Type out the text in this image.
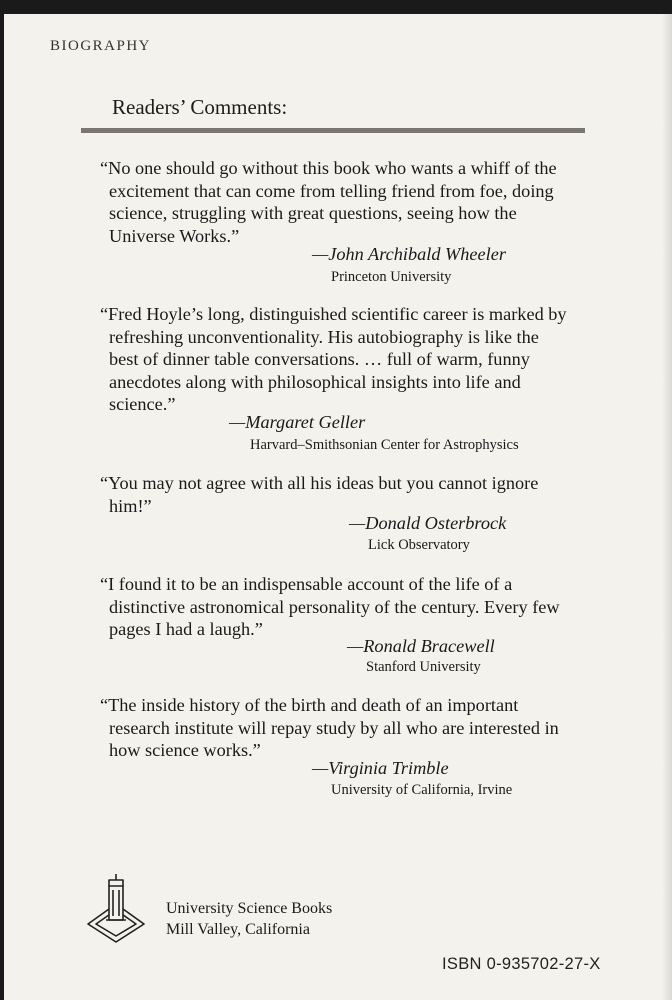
BIOGRAPHY
Readers’ Comments:
“No one should go without this book who wants a whiff of the excitement that can come from telling friend from foe, doing science, struggling with great questions, seeing how the Universe Works.”
—John Archibald Wheeler
Princeton University
“Fred Hoyle’s long, distinguished scientific career is marked by refreshing unconventionality. His autobiography is like the best of dinner table conversations. … full of warm, funny anecdotes along with philosophical insights into life and science.”
—Margaret Geller
Harvard–Smithsonian Center for Astrophysics
“You may not agree with all his ideas but you cannot ignore him!”
—Donald Osterbrock
Lick Observatory
“I found it to be an indispensable account of the life of a distinctive astronomical personality of the century. Every few pages I had a laugh.”
—Ronald Bracewell
Stanford University
“The inside history of the birth and death of an important research institute will repay study by all who are interested in how science works.”
—Virginia Trimble
University of California, Irvine
University Science Books
Mill Valley, California
ISBN 0-935702-27-X
